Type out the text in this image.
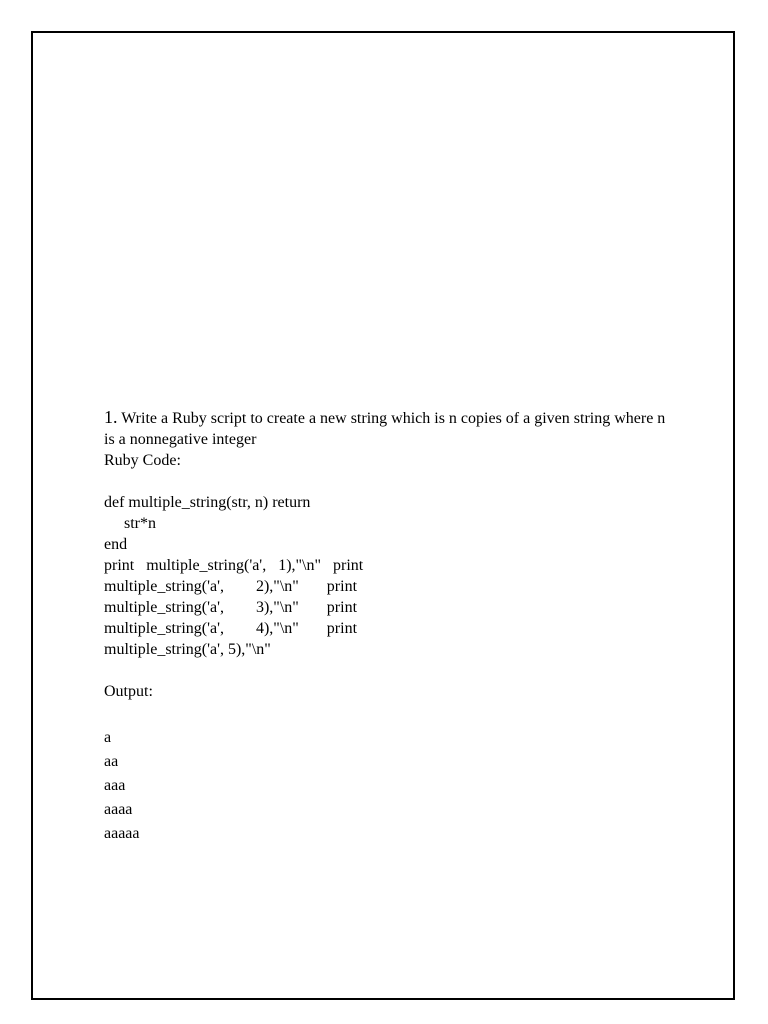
1. Write a Ruby script to create a new string which is n copies of a given string where n
is a nonnegative integer
Ruby Code:
def multiple_string(str, n) return
str*n
end
print   multiple_string('a',   1),"\n"   print
multiple_string('a',        2),"\n"       print
multiple_string('a',        3),"\n"       print
multiple_string('a',        4),"\n"       print
multiple_string('a', 5),"\n"
Output:
a
aa
aaa
aaaa
aaaaa
